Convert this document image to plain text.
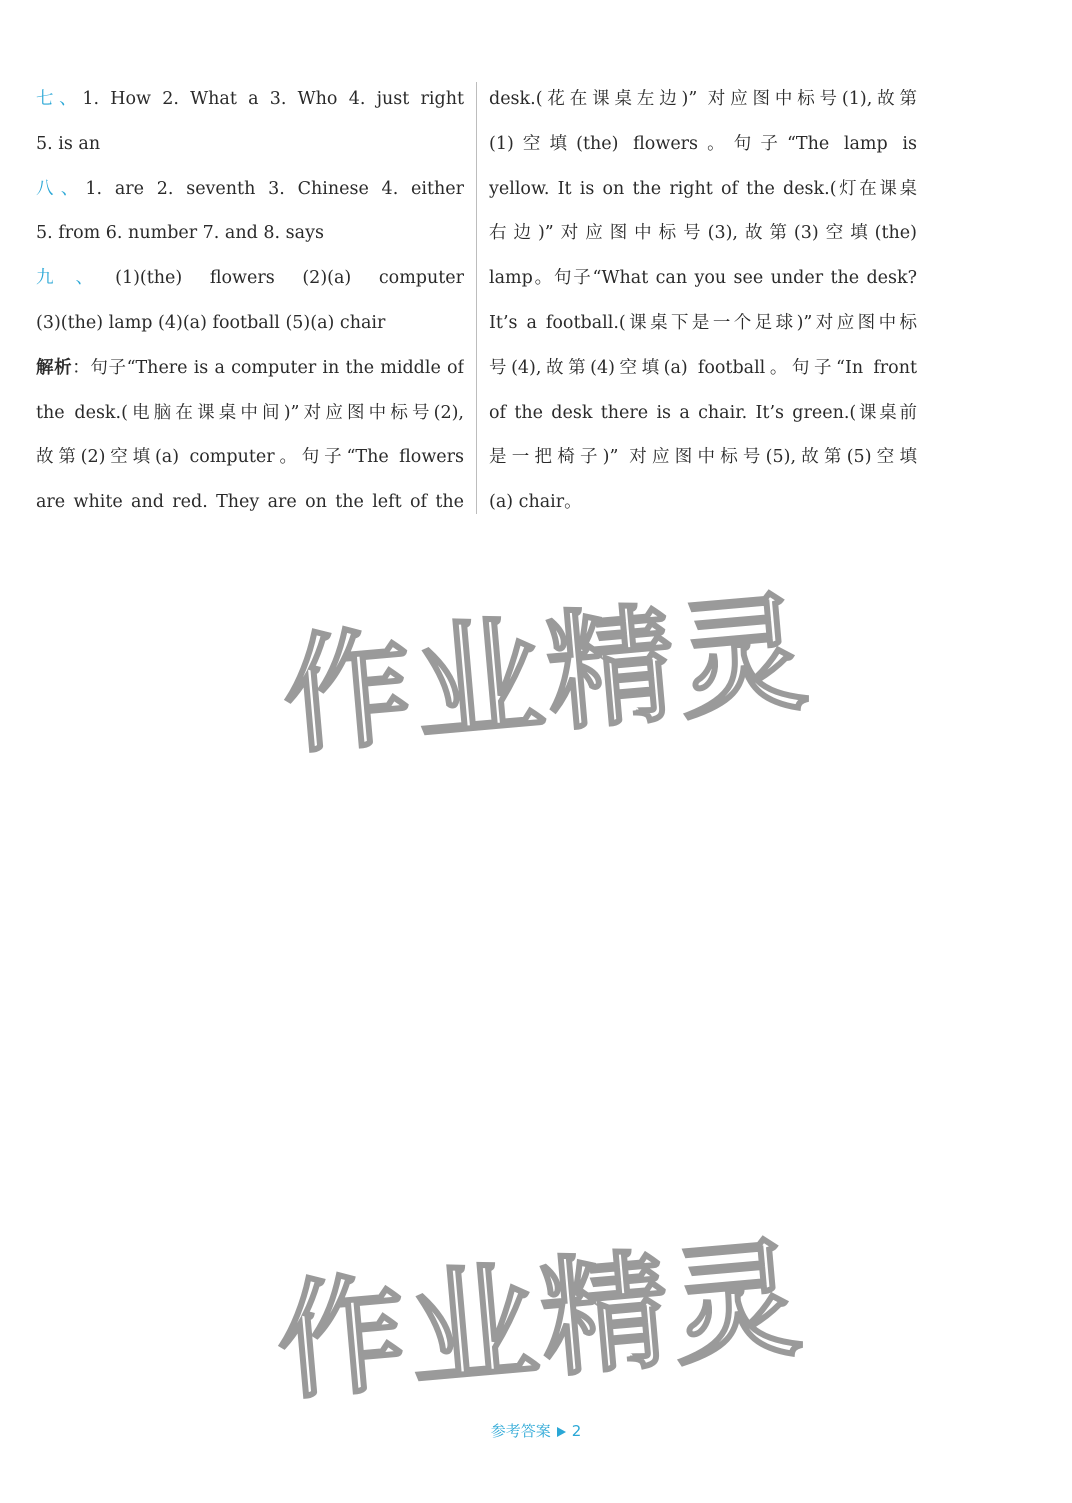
七、1. How 2. What a 3. Who 4. just right
5. is an
八、1. are 2. seventh 3. Chinese 4. either
5. from 6. number 7. and 8. says
九、(1)(the) flowers (2)(a) computer
(3)(the) lamp (4)(a) football (5)(a) chair
解析：句子“There is a computer in the middle of
the desk.(电脑在课桌中间)”对应图中标号(2),
故第(2)空填(a) computer。句子“The flowers
are white and red. They are on the left of the
desk.(花在课桌左边)” 对应图中标号(1),故第
(1)空填(the) flowers。句子“The lamp is
yellow. It is on the right of the desk.(灯在课桌
右边)”对应图中标号(3),故第(3)空填(the)
lamp。句子“What can you see under the desk?
It’s a football.(课桌下是一个足球)”对应图中标
号(4),故第(4)空填(a) football。句子“In front
of the desk there is a chair. It’s green.(课桌前
是一把椅子)” 对应图中标号(5),故第(5)空填
(a) chair。
作业精灵
作业精灵
参考答案 2
